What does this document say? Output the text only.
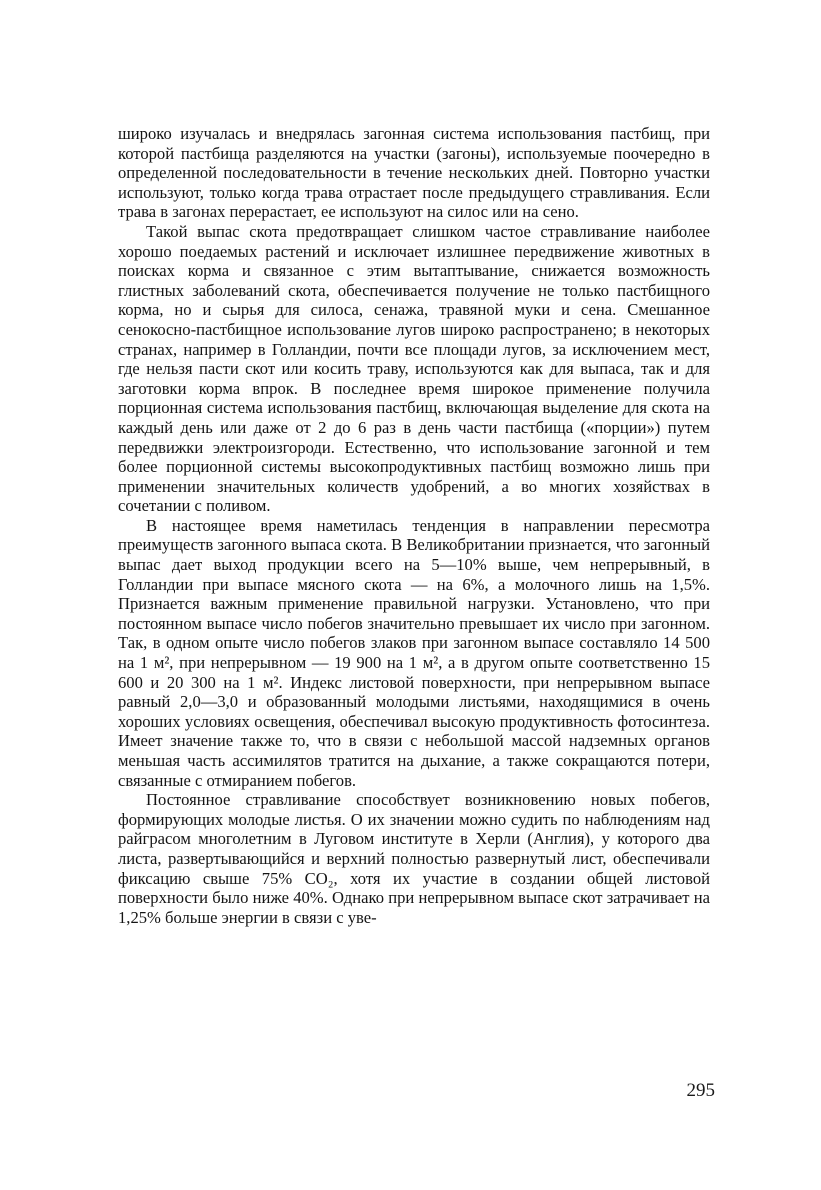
широко изучалась и внедрялась загонная система использования пастбищ, при которой пастбища разделяются на участки (загоны), используемые поочередно в определенной последовательности в течение нескольких дней. Повторно участки используют, только когда трава отрастает после предыдущего стравливания. Если трава в загонах перерастает, ее используют на силос или на сено.

Такой выпас скота предотвращает слишком частое стравливание наиболее хорошо поедаемых растений и исключает излишнее передвижение животных в поисках корма и связанное с этим вытаптывание, снижается возможность глистных заболеваний скота, обеспечивается получение не только пастбищного корма, но и сырья для силоса, сенажа, травяной муки и сена. Смешанное сенокосно-пастбищное использование лугов широко распространено; в некоторых странах, например в Голландии, почти все площади лугов, за исключением мест, где нельзя пасти скот или косить траву, используются как для выпаса, так и для заготовки корма впрок. В последнее время широкое применение получила порционная система использования пастбищ, включающая выделение для скота на каждый день или даже от 2 до 6 раз в день части пастбища («порции») путем передвижки электроизгороди. Естественно, что использование загонной и тем более порционной системы высокопродуктивных пастбищ возможно лишь при применении значительных количеств удобрений, а во многих хозяйствах в сочетании с поливом.

В настоящее время наметилась тенденция в направлении пересмотра преимуществ загонного выпаса скота. В Великобритании признается, что загонный выпас дает выход продукции всего на 5—10% выше, чем непрерывный, в Голландии при выпасе мясного скота — на 6%, а молочного лишь на 1,5%. Признается важным применение правильной нагрузки. Установлено, что при постоянном выпасе число побегов значительно превышает их число при загонном. Так, в одном опыте число побегов злаков при загонном выпасе составляло 14 500 на 1 м², при непрерывном — 19 900 на 1 м², а в другом опыте соответственно 15 600 и 20 300 на 1 м². Индекс листовой поверхности, при непрерывном выпасе равный 2,0—3,0 и образованный молодыми листьями, находящимися в очень хороших условиях освещения, обеспечивал высокую продуктивность фотосинтеза. Имеет значение также то, что в связи с небольшой массой надземных органов меньшая часть ассимилятов тратится на дыхание, а также сокращаются потери, связанные с отмиранием побегов.

Постоянное стравливание способствует возникновению новых побегов, формирующих молодые листья. О их значении можно судить по наблюдениям над райграсом многолетним в Луговом институте в Херли (Англия), у которого два листа, развертывающийся и верхний полностью развернутый лист, обеспечивали фиксацию свыше 75% CO₂, хотя их участие в создании общей листовой поверхности было ниже 40%. Однако при непрерывном выпасе скот затрачивает на 1,25% больше энергии в связи с уве-

295
